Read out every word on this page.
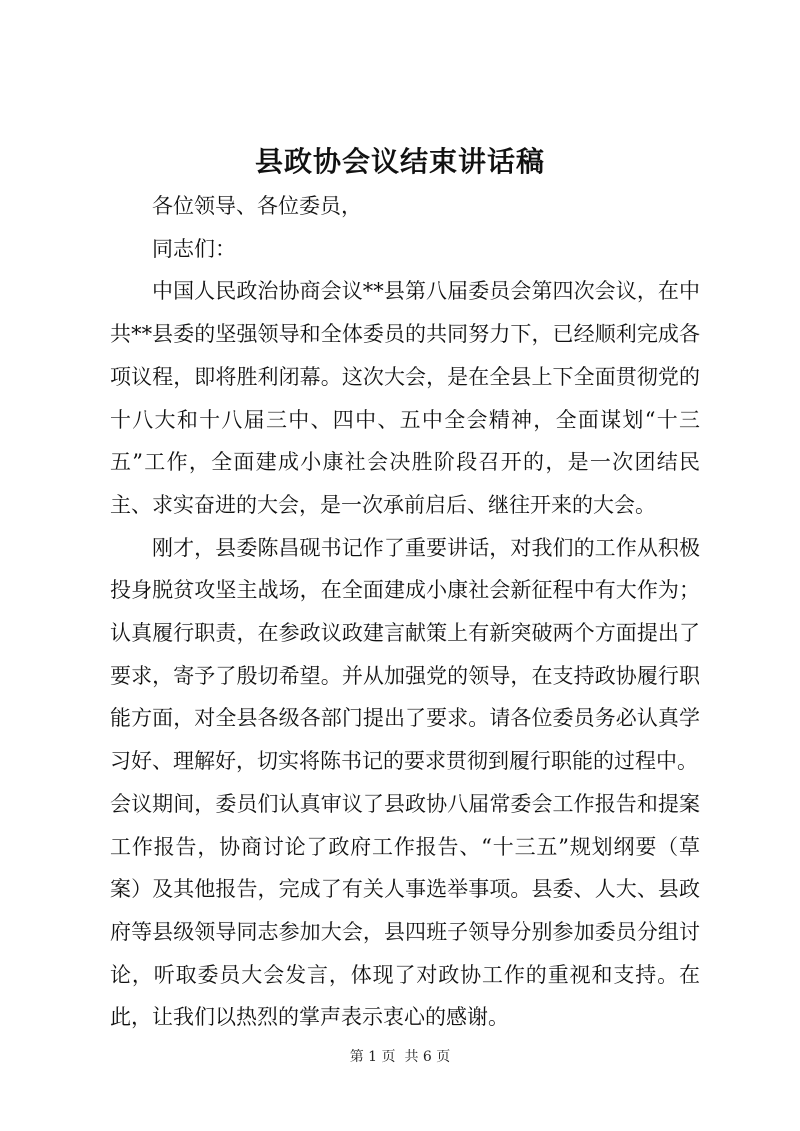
县政协会议结束讲话稿

各位领导、各位委员，

同志们：

中国人民政治协商会议**县第八届委员会第四次会议，在中共**县委的坚强领导和全体委员的共同努力下，已经顺利完成各项议程，即将胜利闭幕。这次大会，是在全县上下全面贯彻党的十八大和十八届三中、四中、五中全会精神，全面谋划“十三五”工作，全面建成小康社会决胜阶段召开的，是一次团结民主、求实奋进的大会，是一次承前启后、继往开来的大会。

刚才，县委陈昌砚书记作了重要讲话，对我们的工作从积极投身脱贫攻坚主战场，在全面建成小康社会新征程中有大作为；认真履行职责，在参政议政建言献策上有新突破两个方面提出了要求，寄予了殷切希望。并从加强党的领导，在支持政协履行职能方面，对全县各级各部门提出了要求。请各位委员务必认真学习好、理解好，切实将陈书记的要求贯彻到履行职能的过程中。

会议期间，委员们认真审议了县政协八届常委会工作报告和提案工作报告，协商讨论了政府工作报告、“十三五”规划纲要（草案）及其他报告，完成了有关人事选举事项。县委、人大、县政府等县级领导同志参加大会，县四班子领导分别参加委员分组讨论，听取委员大会发言，体现了对政协工作的重视和支持。在此，让我们以热烈的掌声表示衷心的感谢。

第 1 页 共 6 页
